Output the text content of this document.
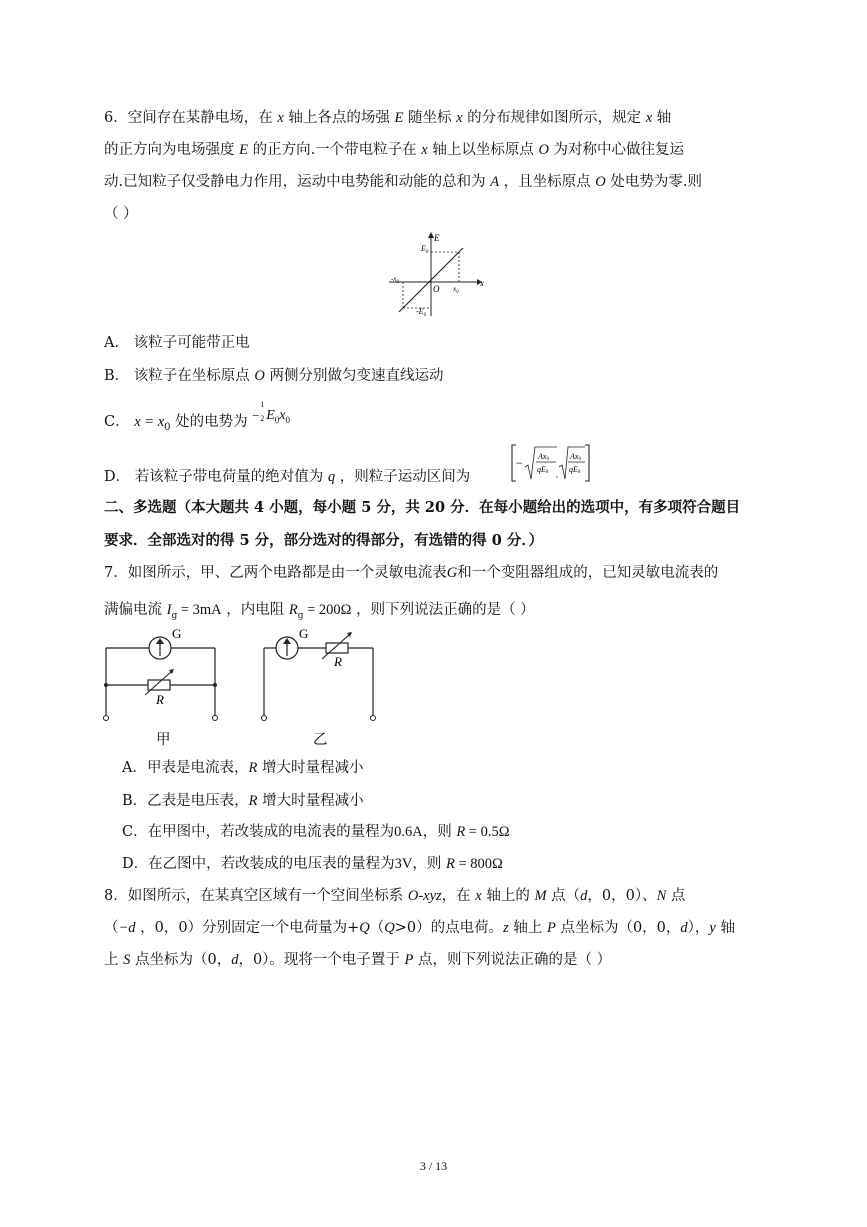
6．空间存在某静电场，在 x 轴上各点的场强 E 随坐标 x 的分布规律如图所示，规定 x 轴
的正方向为电场强度 E 的正方向.一个带电粒子在 x 轴上以坐标原点 O 为对称中心做往复运
动.已知粒子仅受静电力作用，运动中电势能和动能的总和为 A ，且坐标原点 O 处电势为零.则
（ ）
E
x
O
$E_0$
$-E_0$
$x_0$
$-x_0$
A． 该粒子可能带正电
B． 该粒子在坐标原点 O 两侧分别做匀变速直线运动
C． $x = x_0$ 处的电势为 −
1
2 $E_0x_0$
D． 若该粒子带电荷量的绝对值为 q ，则粒子运动区间为
− Ax0
qE0 ,
Ax0
qE0
二、多选题（本大题共 4 小题，每小题 5 分，共 20 分．在每小题给出的选项中，有多项符合题目
要求．全部选对的得 5 分，部分选对的得部分，有选错的得 0 分．）
7．如图所示，甲、乙两个电路都是由一个灵敏电流表G和一个变阻器组成的，已知灵敏电流表的
满偏电流 $I_g = 3mA$ ，内电阻 $R_g = 200\Omega$ ，则下列说法正确的是（ ）
G
R
G
R
甲	乙
A．甲表是电流表，R 增大时量程减小
B．乙表是电压表，R 增大时量程减小
C．在甲图中，若改装成的电流表的量程为0.6A，则 R = 0.5Ω
D．在乙图中，若改装成的电压表的量程为3V，则 R = 800Ω
8．如图所示，在某真空区域有一个空间坐标系 O-xyz，在 x 轴上的 M 点（d，0，0）、N 点
（−d ，0，0）分别固定一个电荷量为+Q（Q>0）的点电荷。z 轴上 P 点坐标为（0，0，d），y 轴
上 S 点坐标为（0，d，0）。现将一个电子置于 P 点，则下列说法正确的是（ ）
3 / 13
